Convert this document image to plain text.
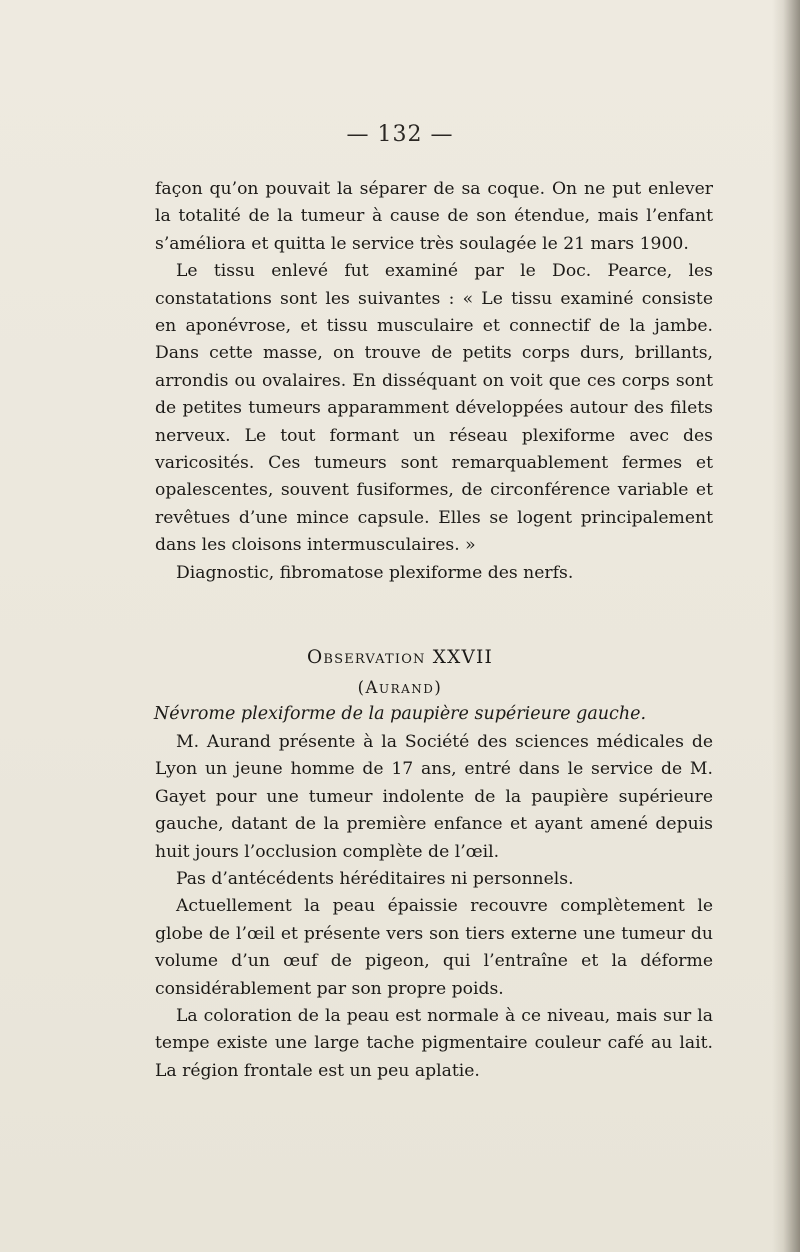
— 132 —

façon qu’on pouvait la séparer de sa coque. On ne put enlever la totalité de la tumeur à cause de son étendue, mais l’enfant s’améliora et quitta le service très soulagée le 21 mars 1900.

Le tissu enlevé fut examiné par le Doc. Pearce, les constatations sont les suivantes : « Le tissu examiné consiste en aponévrose, et tissu musculaire et connectif de la jambe. Dans cette masse, on trouve de petits corps durs, brillants, arrondis ou ovalaires. En disséquant on voit que ces corps sont de petites tumeurs apparamment développées autour des filets nerveux. Le tout formant un réseau plexiforme avec des varicosités. Ces tumeurs sont remarquablement fermes et opalescentes, souvent fusiformes, de circonférence variable et revêtues d’une mince capsule. Elles se logent principalement dans les cloisons intermusculaires. »

Diagnostic, fibromatose plexiforme des nerfs.

Observation XXVII
(Aurand)
Névrome plexiforme de la paupière supérieure gauche.

M. Aurand présente à la Société des sciences médicales de Lyon un jeune homme de 17 ans, entré dans le service de M. Gayet pour une tumeur indolente de la paupière supérieure gauche, datant de la première enfance et ayant amené depuis huit jours l’occlusion complète de l’œil.

Pas d’antécédents héréditaires ni personnels.

Actuellement la peau épaissie recouvre complètement le globe de l’œil et présente vers son tiers externe une tumeur du volume d’un œuf de pigeon, qui l’entraîne et la déforme considérablement par son propre poids.

La coloration de la peau est normale à ce niveau, mais sur la tempe existe une large tache pigmentaire couleur café au lait. La région frontale est un peu aplatie.
